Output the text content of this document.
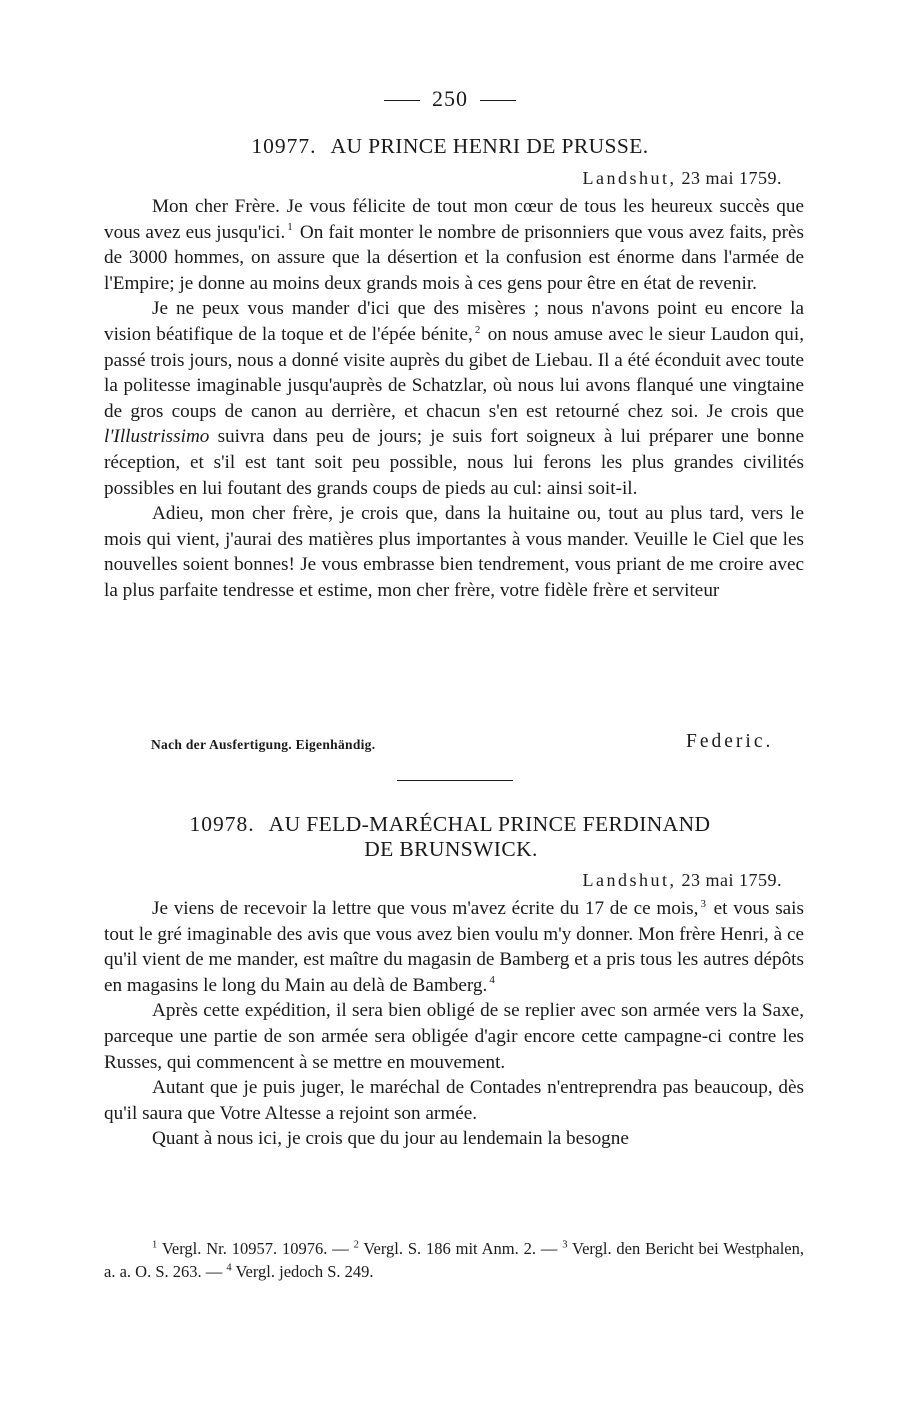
250
10977. AU PRINCE HENRI DE PRUSSE.
Landshut, 23 mai 1759.

Mon cher Frère. Je vous félicite de tout mon cœur de tous les heureux succès que vous avez eus jusqu'ici. $^1$ On fait monter le nombre de prisonniers que vous avez faits, près de 3000 hommes, on assure que la désertion et la confusion est énorme dans l'armée de l'Empire; je donne au moins deux grands mois à ces gens pour être en état de revenir.

Je ne peux vous mander d'ici que des misères ; nous n'avons point eu encore la vision béatifique de la toque et de l'épée bénite, $^2$ on nous amuse avec le sieur Laudon qui, passé trois jours, nous a donné visite auprès du gibet de Liebau. Il a été éconduit avec toute la politesse imaginable jusqu'auprès de Schatzlar, où nous lui avons flanqué une vingtaine de gros coups de canon au derrière, et chacun s'en est retourné chez soi. Je crois que l'Illustrissimo suivra dans peu de jours; je suis fort soigneux à lui préparer une bonne réception, et s'il est tant soit peu possible, nous lui ferons les plus grandes civilités possibles en lui foutant des grands coups de pieds au cul: ainsi soit-il.

Adieu, mon cher frère, je crois que, dans la huitaine ou, tout au plus tard, vers le mois qui vient, j'aurai des matières plus importantes à vous mander. Veuille le Ciel que les nouvelles soient bonnes! Je vous embrasse bien tendrement, vous priant de me croire avec la plus parfaite tendresse et estime, mon cher frère, votre fidèle frère et serviteur

Nach der Ausfertigung. Eigenhändig.	Federic.
10978. AU FELD-MARÉCHAL PRINCE FERDINAND
DE BRUNSWICK.
Landshut, 23 mai 1759.

Je viens de recevoir la lettre que vous m'avez écrite du 17 de ce mois, $^3$ et vous sais tout le gré imaginable des avis que vous avez bien voulu m'y donner. Mon frère Henri, à ce qu'il vient de me mander, est maître du magasin de Bamberg et a pris tous les autres dépôts en magasins le long du Main au delà de Bamberg. $^4$

Après cette expédition, il sera bien obligé de se replier avec son armée vers la Saxe, parceque une partie de son armée sera obligée d'agir encore cette campagne-ci contre les Russes, qui commencent à se mettre en mouvement.

Autant que je puis juger, le maréchal de Contades n'entreprendra pas beaucoup, dès qu'il saura que Votre Altesse a rejoint son armée.

Quant à nous ici, je crois que du jour au lendemain la besogne

$^1$ Vergl. Nr. 10957. 10976. — $^2$ Vergl. S. 186 mit Anm. 2. — $^3$ Vergl. den Bericht bei Westphalen, a. a. O. S. 263. — $^4$ Vergl. jedoch S. 249.
